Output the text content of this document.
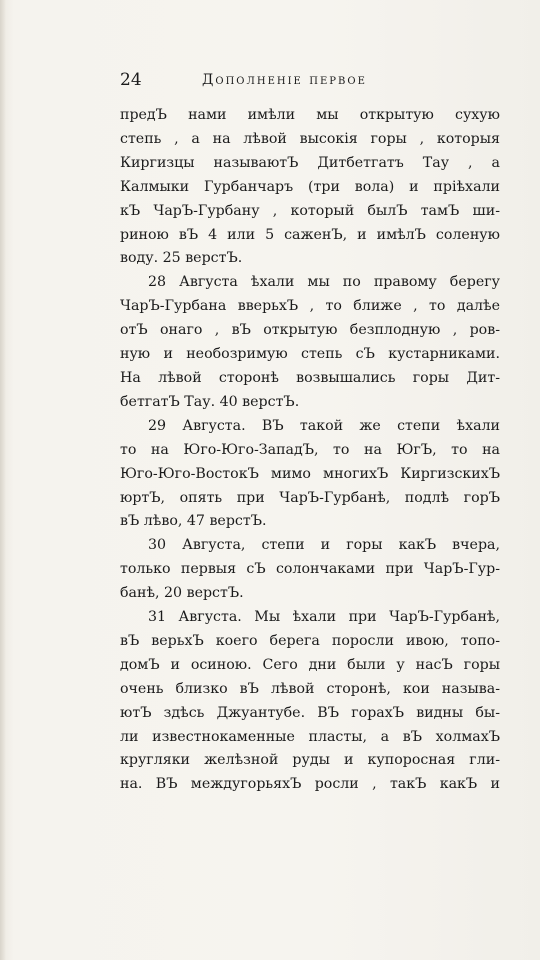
24	Дополненіе первое
предЪ нами имѣли мы открытую сухую
степь , а на лѣвой высокія горы , которыя
Киргизцы называютЪ Дитбетгатъ Тау , а
Калмыки Гурбанчаръ (три вола) и пріѣхали
кЪ ЧарЪ-Гурбану , который былЪ тамЪ ши-
риною вЪ 4 или 5 саженЪ, и имѣлЪ соленую
воду. 25 верстЪ.
28 Августа ѣхали мы по правому берегу
ЧарЪ-Гурбана вверьхЪ , то ближе , то далѣе
отЪ онаго , вЪ открытую безплодную , ров-
ную и необозримую степь сЪ кустарниками.
На лѣвой сторонѣ возвышались горы Дит-
бетгатЪ Тау. 40 верстЪ.
29 Августа. ВЪ такой же степи ѣхали
то на Юго-Юго-ЗападЪ, то на ЮгЪ, то на
Юго-Юго-ВостокЪ мимо многихЪ КиргизскихЪ
юртЪ, опять при ЧарЪ-Гурбанѣ, подлѣ горЪ
вЪ лѣво, 47 верстЪ.
30 Августа, степи и горы какЪ вчера,
только первыя сЪ солончаками при ЧарЪ-Гур-
банѣ, 20 верстЪ.
31 Августа. Мы ѣхали при ЧарЪ-Гурбанѣ,
вЪ верьхЪ коего берега поросли ивою, топо-
домЪ и осиною. Сего дни были у насЪ горы
очень близко вЪ лѣвой сторонѣ, кои называ-
ютЪ здѣсь Джуантубе. ВЪ горахЪ видны бы-
ли известнокаменные пласты, а вЪ холмахЪ
кругляки желѣзной руды и купоросная гли-
на. ВЪ междугорьяхЪ росли , такЪ какЪ и
